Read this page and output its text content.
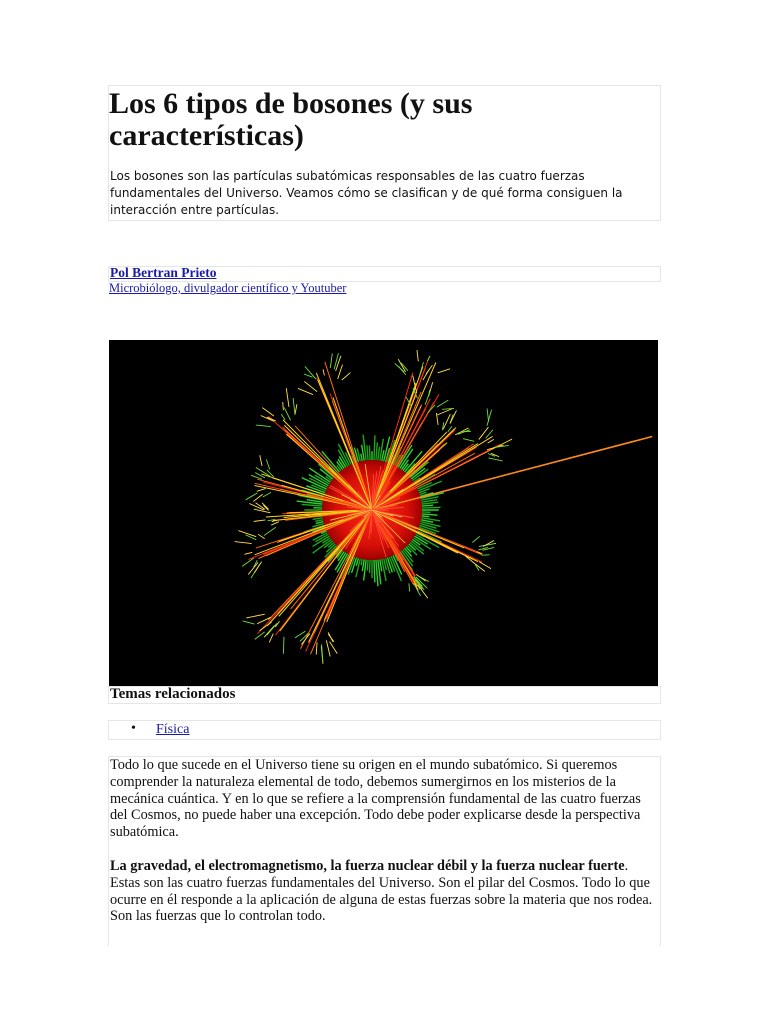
Los 6 tipos de bosones (y sus características)

Los bosones son las partículas subatómicas responsables de las cuatro fuerzas fundamentales del Universo. Veamos cómo se clasifican y de qué forma consiguen la interacción entre partículas.

Pol Bertran Prieto
Microbiólogo, divulgador científico y Youtuber
Temas relacionados
• Física

Todo lo que sucede en el Universo tiene su origen en el mundo subatómico. Si queremos comprender la naturaleza elemental de todo, debemos sumergirnos en los misterios de la mecánica cuántica. Y en lo que se refiere a la comprensión fundamental de las cuatro fuerzas del Cosmos, no puede haber una excepción. Todo debe poder explicarse desde la perspectiva subatómica.

La gravedad, el electromagnetismo, la fuerza nuclear débil y la fuerza nuclear fuerte. Estas son las cuatro fuerzas fundamentales del Universo. Son el pilar del Cosmos. Todo lo que ocurre en él responde a la aplicación de alguna de estas fuerzas sobre la materia que nos rodea. Son las fuerzas que lo controlan todo.
